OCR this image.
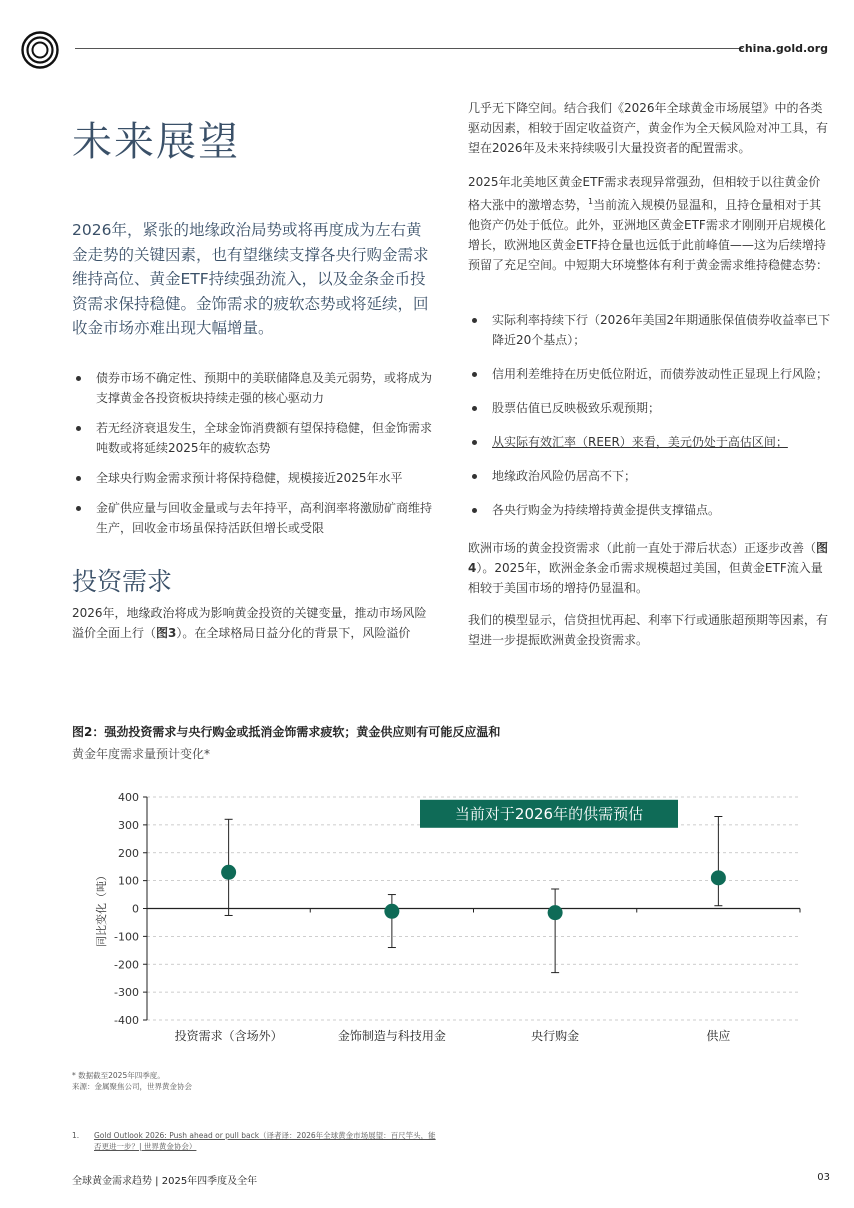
china.gold.org
未来展望

2026年，紧张的地缘政治局势或将再度成为左右黄金走势的关键因素，也有望继续支撑各央行购金需求维持高位、黄金ETF持续强劲流入，以及金条金币投资需求保持稳健。金饰需求的疲软态势或将延续，回收金市场亦难出现大幅增量。

债券市场不确定性、预期中的美联储降息及美元弱势，或将成为支撑黄金各投资板块持续走强的核心驱动力
若无经济衰退发生，全球金饰消费额有望保持稳健，但金饰需求吨数或将延续2025年的疲软态势
全球央行购金需求预计将保持稳健，规模接近2025年水平
金矿供应量与回收金量或与去年持平，高利润率将激励矿商维持生产，回收金市场虽保持活跃但增长或受限
投资需求

2026年，地缘政治将成为影响黄金投资的关键变量，推动市场风险溢价全面上行（图3）。在全球格局日益分化的背景下，风险溢价

几乎无下降空间。结合我们《2026年全球黄金市场展望》中的各类驱动因素，相较于固定收益资产，黄金作为全天候风险对冲工具，有望在2026年及未来持续吸引大量投资者的配置需求。

2025年北美地区黄金ETF需求表现异常强劲，但相较于以往黄金价格大涨中的激增态势，$^1$当前流入规模仍显温和，且持仓量相对于其他资产仍处于低位。此外，亚洲地区黄金ETF需求才刚刚开启规模化增长，欧洲地区黄金ETF持仓量也远低于此前峰值——这为后续增持预留了充足空间。中短期大环境整体有利于黄金需求维持稳健态势：

实际利率持续下行（2026年美国2年期通胀保值债券收益率已下降近20个基点）；
信用利差维持在历史低位附近，而债券波动性正显现上行风险；
股票估值已反映极致乐观预期；
从实际有效汇率（REER）来看，美元仍处于高估区间；
地缘政治风险仍居高不下；
各央行购金为持续增持黄金提供支撑锚点。

欧洲市场的黄金投资需求（此前一直处于滞后状态）正逐步改善（图4）。2025年，欧洲金条金币需求规模超过美国，但黄金ETF流入量相较于美国市场的增持仍显温和。

我们的模型显示，信贷担忧再起、利率下行或通胀超预期等因素，有望进一步提振欧洲黄金投资需求。

图2：强劲投资需求与央行购金或抵消金饰需求疲软；黄金供应则有可能反应温和
黄金年度需求量预计变化*
400
300
200
100
0
-100
-200
-300
-400
同比变化（吨）
当前对于2026年的供需预估
投资需求（含场外）	金饰制造与科技用金	央行购金	供应
* 数据截至2025年四季度。
来源：金属聚焦公司，世界黄金协会
1. Gold Outlook 2026: Push ahead or pull back（译者译：2026年全球黄金市场展望：百尺竿头，能否更进一步？| 世界黄金协会）
全球黄金需求趋势 | 2025年四季度及全年	03
